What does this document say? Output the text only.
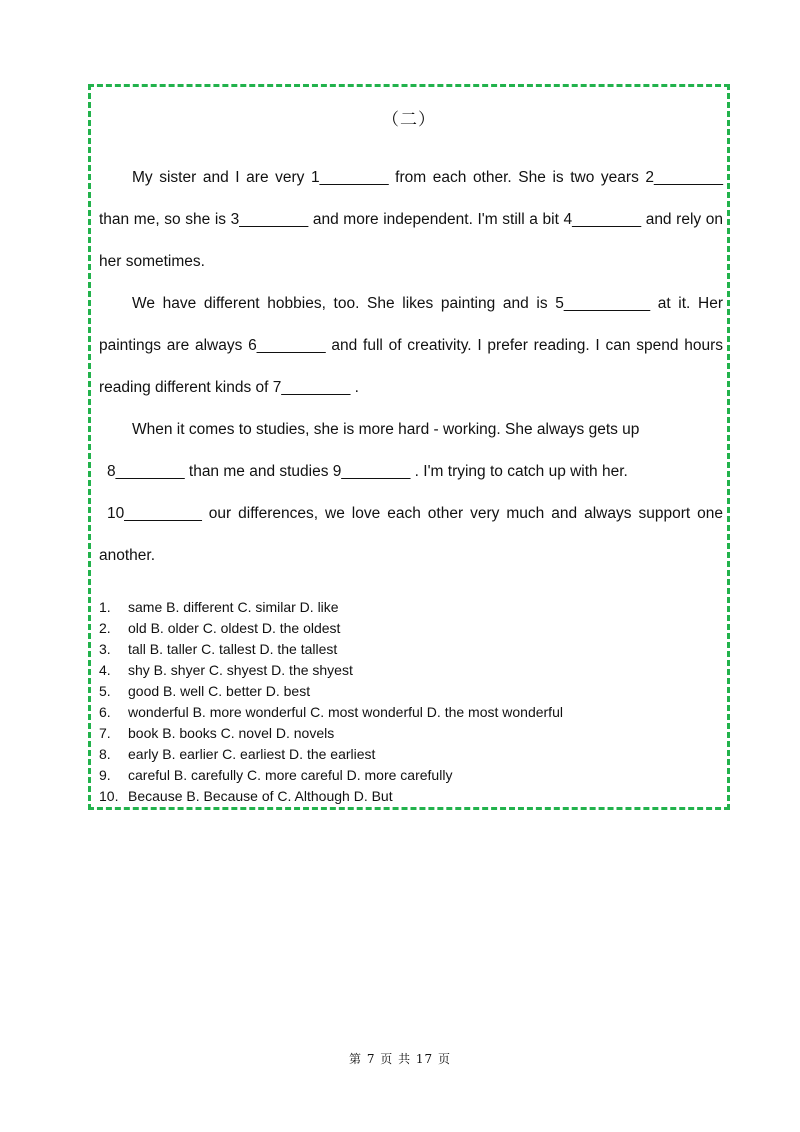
（二）

My sister and I are very 1________ from each other. She is two years 2________ than me, so she is 3________ and more independent. I'm still a bit 4________ and rely on her sometimes.

We have different hobbies, too. She likes painting and is 5__________ at it. Her paintings are always 6________ and full of creativity. I prefer reading. I can spend hours reading different kinds of 7________ .

When it comes to studies, she is more hard - working. She always gets up

8________ than me and studies 9________ . I'm trying to catch up with her.

10_________ our differences, we love each other very much and always support one another.

1.	same B. different C. similar D. like
2.	old B. older C. oldest D. the oldest
3.	tall B. taller C. tallest D. the tallest
4.	shy B. shyer C. shyest D. the shyest
5.	good B. well C. better D. best
6.	wonderful B. more wonderful C. most wonderful D. the most wonderful
7.	book B. books C. novel D. novels
8.	early B. earlier C. earliest D. the earliest
9.	careful B. carefully C. more careful D. more carefully
10. Because B. Because of C. Although D. But
第 7 页 共 17 页
